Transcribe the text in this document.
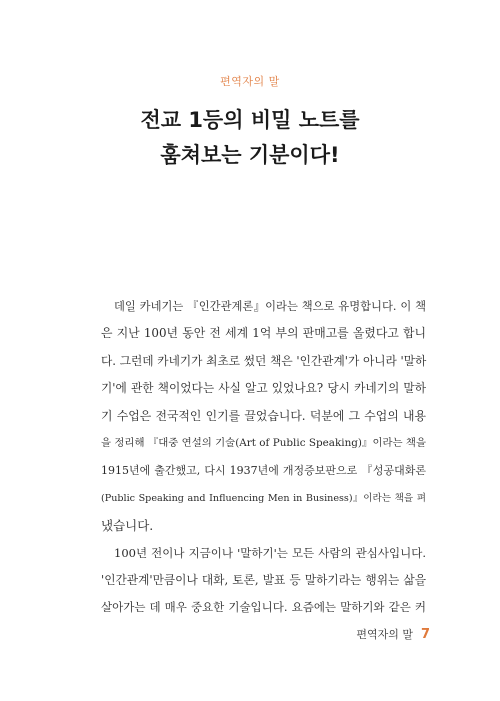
편역자의 말
전교 1등의 비밀 노트를
훔쳐보는 기분이다!
데일 카네기는 『인간관계론』이라는 책으로 유명합니다. 이 책
은 지난 100년 동안 전 세계 1억 부의 판매고를 올렸다고 합니
다. 그런데 카네기가 최초로 썼던 책은 '인간관계'가 아니라 '말하
기'에 관한 책이었다는 사실 알고 있었나요? 당시 카네기의 말하
기 수업은 전국적인 인기를 끌었습니다. 덕분에 그 수업의 내용
을 정리해 『대중 연설의 기술(Art of Public Speaking)』이라는 책을
1915년에 출간했고, 다시 1937년에 개정증보판으로 『성공대화론
(Public Speaking and Influencing Men in Business)』이라는 책을 펴
냈습니다.
100년 전이나 지금이나 '말하기'는 모든 사람의 관심사입니다.
'인간관계'만큼이나 대화, 토론, 발표 등 말하기라는 행위는 삶을
살아가는 데 매우 중요한 기술입니다. 요즘에는 말하기와 같은 커
편역자의 말 7
